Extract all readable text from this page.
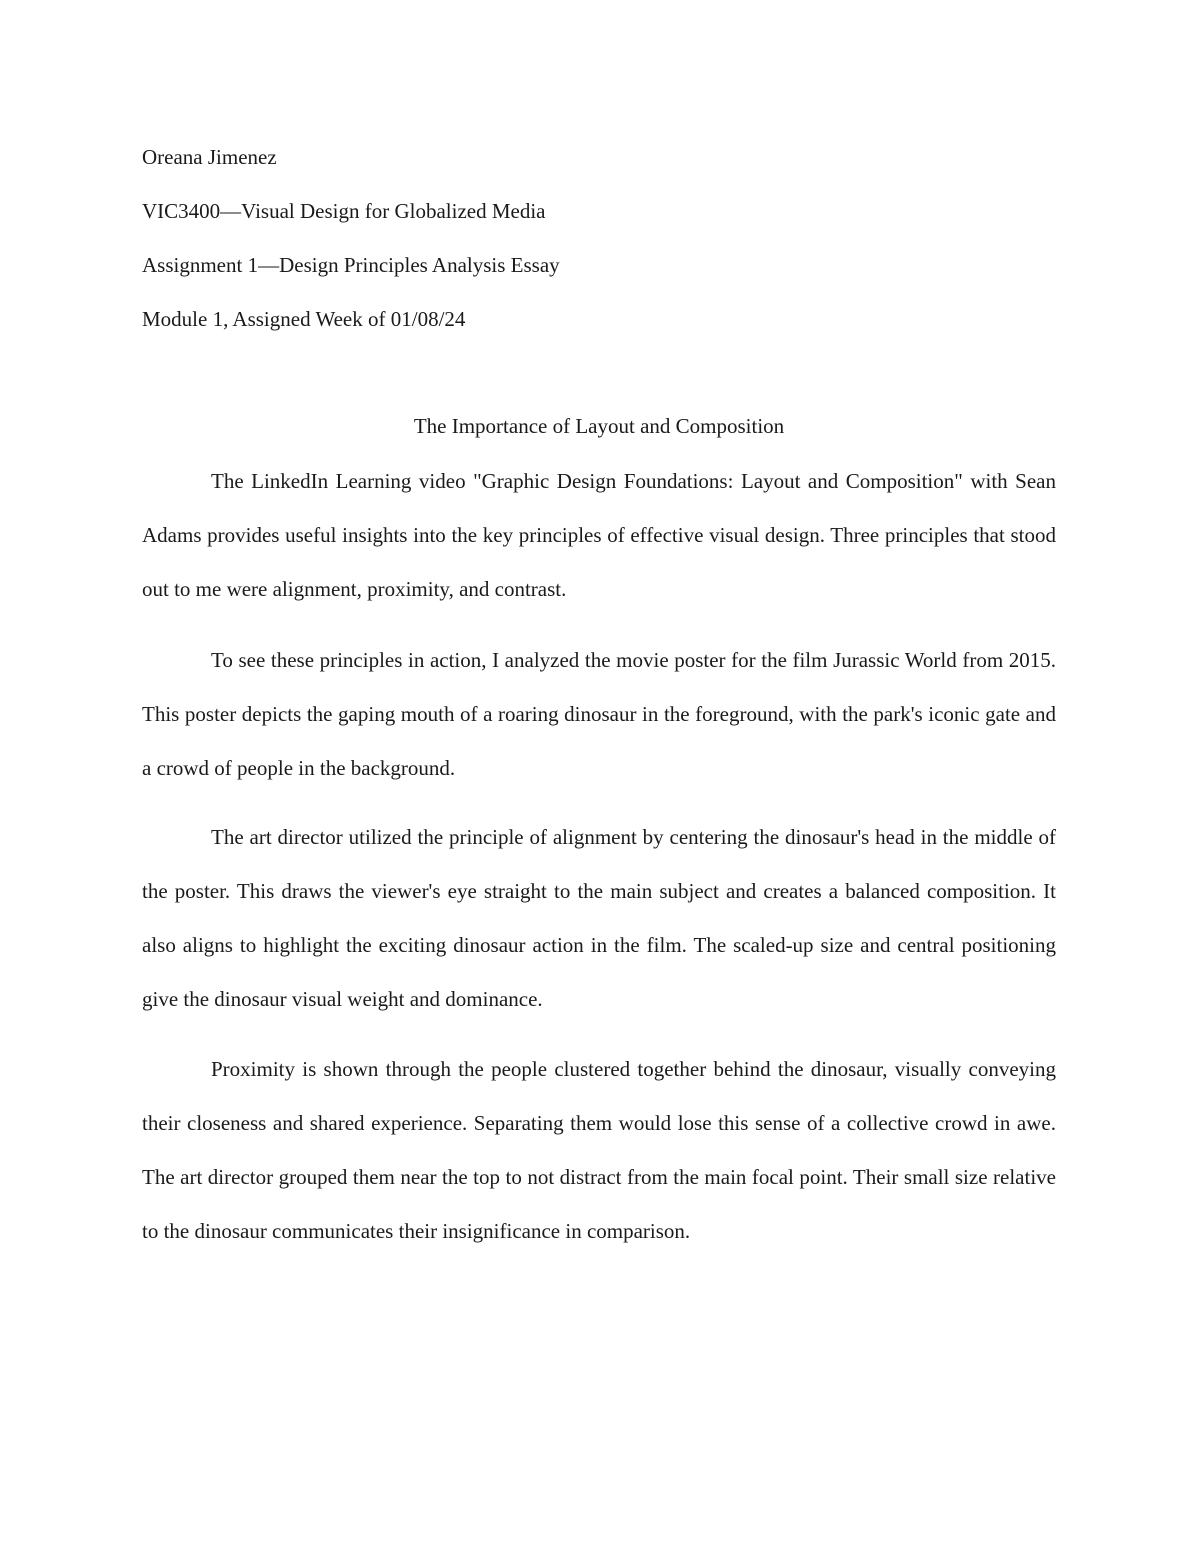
Oreana Jimenez
VIC3400—Visual Design for Globalized Media
Assignment 1—Design Principles Analysis Essay
Module 1, Assigned Week of 01/08/24
The Importance of Layout and Composition

The LinkedIn Learning video "Graphic Design Foundations: Layout and Composition" with Sean Adams provides useful insights into the key principles of effective visual design. Three principles that stood out to me were alignment, proximity, and contrast.

To see these principles in action, I analyzed the movie poster for the film Jurassic World from 2015. This poster depicts the gaping mouth of a roaring dinosaur in the foreground, with the park's iconic gate and a crowd of people in the background.

The art director utilized the principle of alignment by centering the dinosaur's head in the middle of the poster. This draws the viewer's eye straight to the main subject and creates a balanced composition. It also aligns to highlight the exciting dinosaur action in the film. The scaled-up size and central positioning give the dinosaur visual weight and dominance.

Proximity is shown through the people clustered together behind the dinosaur, visually conveying their closeness and shared experience. Separating them would lose this sense of a collective crowd in awe. The art director grouped them near the top to not distract from the main focal point. Their small size relative to the dinosaur communicates their insignificance in comparison.
